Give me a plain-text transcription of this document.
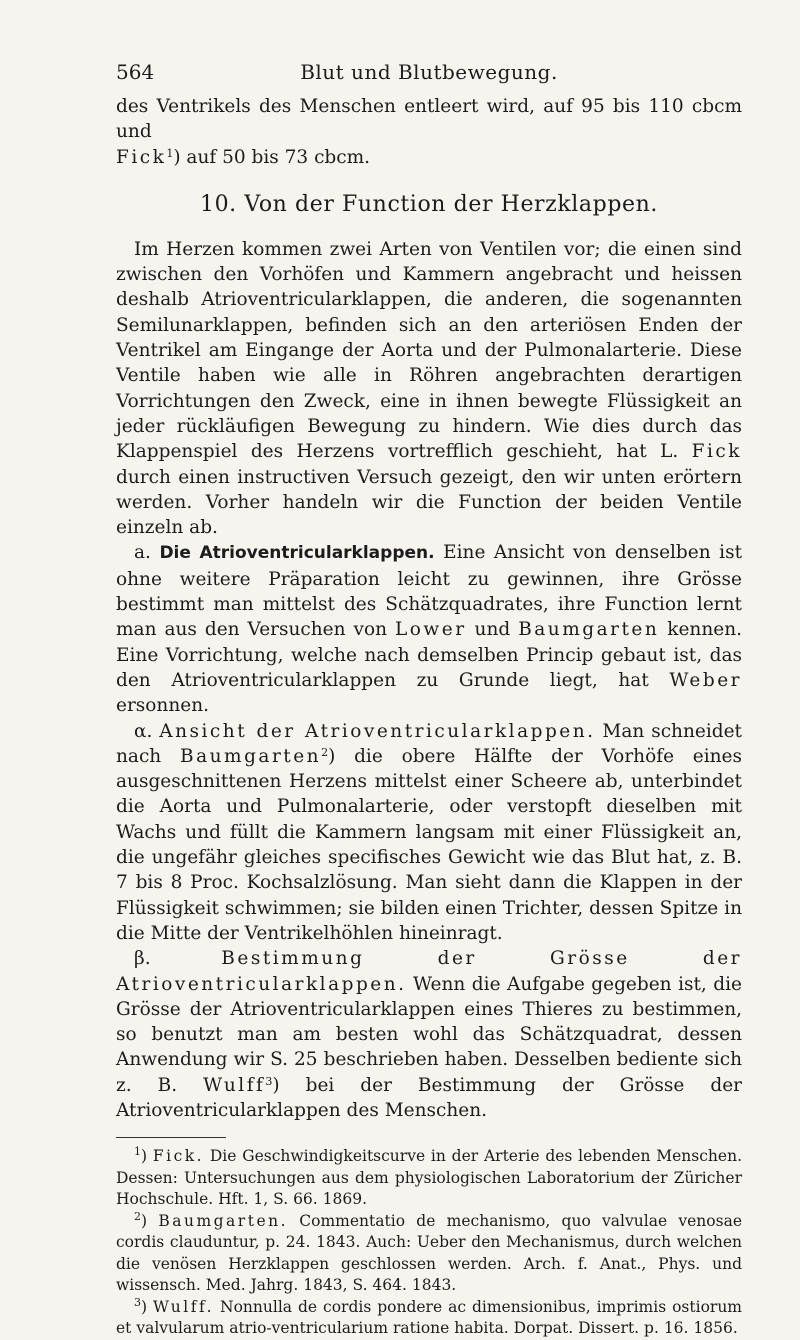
564	Blut und Blutbewegung.

des Ventrikels des Menschen entleert wird, auf 95 bis 110 cbcm und
Fick$^1$) auf 50 bis 73 cbcm.

10. Von der Function der Herzklappen.

Im Herzen kommen zwei Arten von Ventilen vor; die einen sind zwischen den Vorhöfen und Kammern angebracht und heissen deshalb Atrioventricularklappen, die anderen, die sogenannten Semilunarklappen, befinden sich an den arteriösen Enden der Ventrikel am Eingange der Aorta und der Pulmonalarterie. Diese Ventile haben wie alle in Röhren angebrachten derartigen Vorrichtungen den Zweck, eine in ihnen bewegte Flüssigkeit an jeder rückläufigen Bewegung zu hindern. Wie dies durch das Klappenspiel des Herzens vortrefflich geschieht, hat L. Fick durch einen instructiven Versuch gezeigt, den wir unten erörtern werden. Vorher handeln wir die Function der beiden Ventile einzeln ab.

a. Die Atrioventricularklappen. Eine Ansicht von denselben ist ohne weitere Präparation leicht zu gewinnen, ihre Grösse bestimmt man mittelst des Schätzquadrates, ihre Function lernt man aus den Versuchen von Lower und Baumgarten kennen. Eine Vorrichtung, welche nach demselben Princip gebaut ist, das den Atrioventricularklappen zu Grunde liegt, hat Weber ersonnen.

α. Ansicht der Atrioventricularklappen. Man schneidet nach Baumgarten$^2$) die obere Hälfte der Vorhöfe eines ausgeschnittenen Herzens mittelst einer Scheere ab, unterbindet die Aorta und Pulmonalarterie, oder verstopft dieselben mit Wachs und füllt die Kammern langsam mit einer Flüssigkeit an, die ungefähr gleiches specifisches Gewicht wie das Blut hat, z. B. 7 bis 8 Proc. Kochsalzlösung. Man sieht dann die Klappen in der Flüssigkeit schwimmen; sie bilden einen Trichter, dessen Spitze in die Mitte der Ventrikelhöhlen hineinragt.

β. Bestimmung der Grösse der Atrioventricularklappen. Wenn die Aufgabe gegeben ist, die Grösse der Atrioventricularklappen eines Thieres zu bestimmen, so benutzt man am besten wohl das Schätzquadrat, dessen Anwendung wir S. 25 beschrieben haben. Desselben bediente sich z. B. Wulff$^3$) bei der Bestimmung der Grösse der Atrioventricularklappen des Menschen.

$^1$) Fick. Die Geschwindigkeitscurve in der Arterie des lebenden Menschen. Dessen: Untersuchungen aus dem physiologischen Laboratorium der Züricher Hochschule. Hft. 1, S. 66. 1869.

$^2$) Baumgarten. Commentatio de mechanismo, quo valvulae venosae cordis clauduntur, p. 24. 1843. Auch: Ueber den Mechanismus, durch welchen die venösen Herzklappen geschlossen werden. Arch. f. Anat., Phys. und wissensch. Med. Jahrg. 1843, S. 464. 1843.

$^3$) Wulff. Nonnulla de cordis pondere ac dimensionibus, imprimis ostiorum et valvularum atrio-ventricularium ratione habita. Dorpat. Dissert. p. 16. 1856.
